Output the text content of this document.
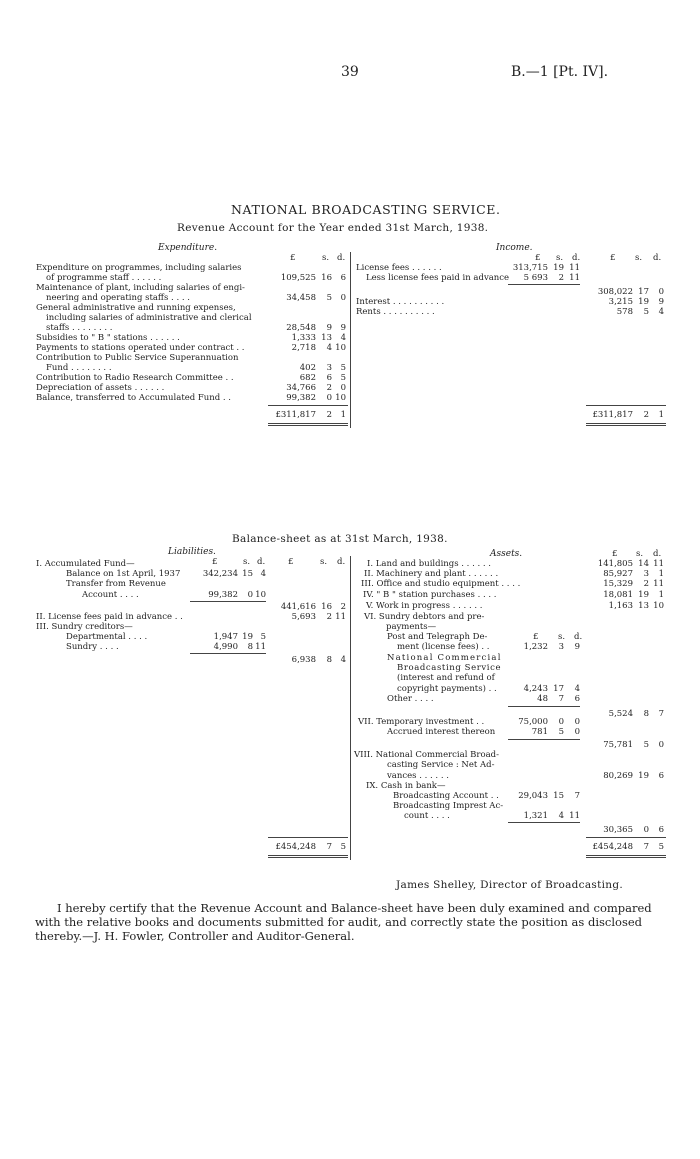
39	B.—1 [Pt. IV].
NATIONAL BROADCASTING SERVICE.
Revenue Account for the Year ended 31st March, 1938.
Expenditure.
£	s. d.
Expenditure on programmes, including salaries
of programme staff . . . . . .	109,525 16	6
Maintenance of plant, including salaries of engi-
neering and operating staffs . . . .	34,458	5	0
General administrative and running expenses,
including salaries of administrative and clerical
staffs . . . . . . . .	28,548	9	9
Subsidies to " B " stations . . . . . .	1,333 13	4
Payments to stations operated under contract . .	2,718	4 10
Contribution to Public Service Superannuation
Fund . . . . . . . .	402	3	5
Contribution to Radio Research Committee . .	682	6	5
Depreciation of assets . . . . . .	34,766	2	0
Balance, transferred to Accumulated Fund . .	99,382	0 10
£311,817	2	1
Income.
£ s. d.	£ s. d.
License fees . . . . . .	313,715 19 11
Less license fees paid in advance	5 693	2 11
308,022 17	0
Interest . . . . . . . . . .	3,215 19	9
Rents . . . . . . . . . .	578	5	4
£311,817	2	1
Balance-sheet as at 31st March, 1938.
Liabilities.
£	s. d.	£	s. d.
I. Accumulated Fund—
Balance on 1st April, 1937	342,234 15 4
Transfer from Revenue
Account . . . .	99,382	0 10
441,616 16	2
II. License fees paid in advance . .	5,693	2 11
III. Sundry creditors—
Departmental . . . .	1,947 19 5
Sundry . . . .	4,990	8 11
6,938	8	4
£454,248	7	5
Assets.	£ s. d.
I. Land and buildings . . . . . .	141,805 14 11
II. Machinery and plant . . . . . .	85,927	3	1
III. Office and studio equipment . . . .	15,329	2 11
IV. " B " station purchases . . . .	18,081 19	1
V. Work in progress . . . . . .	1,163 13 10
VI. Sundry debtors and pre-
payments—
£ s. d.
Post and Telegraph De-
ment (license fees) . .	1,232	3	9
National Commercial
Broadcasting Service
(interest and refund of
copyright payments) . .	4,243 17	4
Other . . . .	48	7	6
5,524	8	7
VII. Temporary investment . .	75,000	0	0
Accrued interest thereon	781	5	0
75,781	5	0
VIII. National Commercial Broad-
casting Service : Net Ad-
vances . . . . . .	80,269 19	6
IX. Cash in bank—
Broadcasting Account . .	29,043 15	7
Broadcasting Imprest Ac-
count . . . .	1,321	4 11
30,365	0	6
£454,248	7	5
James Shelley, Director of Broadcasting.
I hereby certify that the Revenue Account and Balance-sheet have been duly examined and compared
with the relative books and documents submitted for audit, and correctly state the position as disclosed
thereby.—J. H. Fowler, Controller and Auditor-General.
